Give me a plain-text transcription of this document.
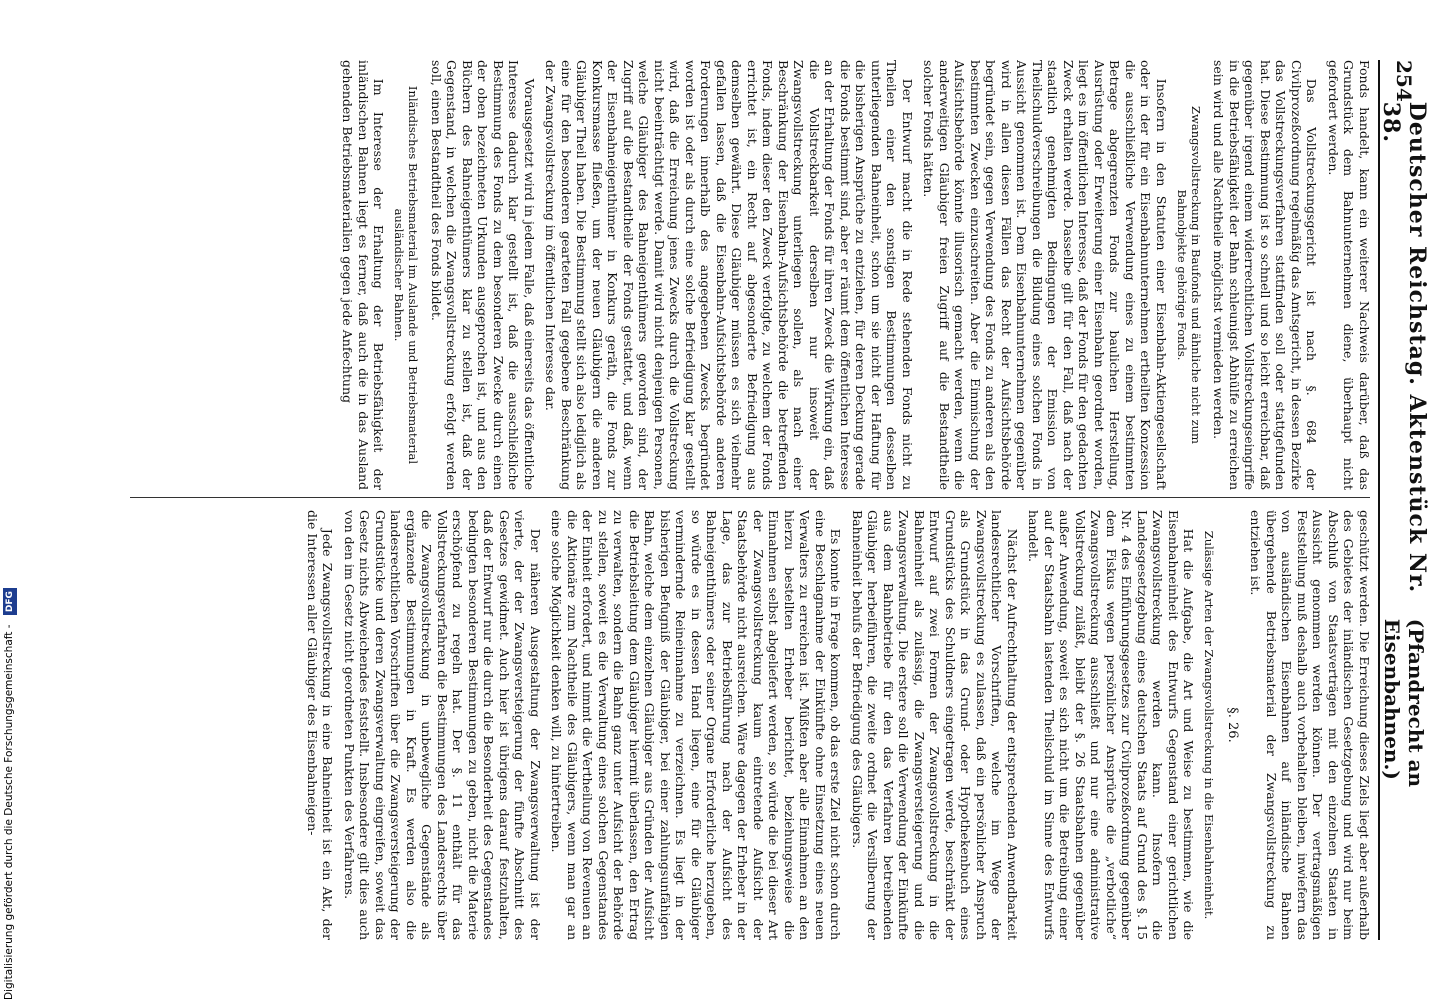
254
Deutscher Reichstag. Aktenstück Nr. 38.
(Pfandrecht an Eisenbahnen.)

Fonds handelt, kann ein weiterer Nachweis darüber, daß das Grundstück dem Bahnunternehmen diene, überhaupt nicht gefordert werden.

Das Vollstreckungsgericht ist nach §. 684 der Civilprozeßordnung regelmäßig das Amtsgericht, in dessen Bezirke das Vollstreckungsverfahren stattfinden soll oder stattgefunden hat. Diese Bestimmung ist so schnell und so leicht erreichbar, daß gegenüber irgend einem widerrechtlichen Vollstreckungseingriffe in die Betriebsfähigkeit der Bahn schleunigst Abhülfe zu erreichen sein wird und alle Nachtheile möglichst vermieden werden.

Zwangsvollstreckung in Baufonds und ähnliche nicht zum Bahnobjekte gehörige Fonds.

Insofern in den Statuten einer Eisenbahn-Aktiengesellschaft oder in der für ein Eisenbahnunternehmen ertheilten Konzession die ausschließliche Verwendung eines zu einem bestimmten Betrage abgegrenzten Fonds zur baulichen Herstellung, Ausrüstung oder Erweiterung einer Eisenbahn geordnet worden, liegt es im öffentlichen Interesse, daß der Fonds für den gedachten Zweck erhalten werde. Dasselbe gilt für den Fall, daß nach der staatlich genehmigten Bedingungen der Emission von Theilschuldverschreibungen die Bildung eines solchen Fonds in Aussicht genommen ist. Dem Eisenbahnunternehmen gegenüber wird in allen diesen Fällen das Recht der Aufsichtsbehörde begründet sein, gegen Verwendung des Fonds zu anderen als den bestimmten Zwecken einzuschreiten. Aber die Einmischung der Aufsichtsbehörde könnte illusorisch gemacht werden, wenn die anderweitigen Gläubiger freien Zugriff auf die Bestandtheile solcher Fonds hätten.

Der Entwurf macht die in Rede stehenden Fonds nicht zu Theilen einer den sonstigen Bestimmungen desselben unterliegenden Bahneinheit, schon um sie nicht der Haftung für die bisherigen Ansprüche zu entziehen, für deren Deckung gerade die Fonds bestimmt sind, aber er räumt dem öffentlichen Interesse an der Erhaltung der Fonds für ihren Zweck die Wirkung ein, daß die Vollstreckbarkeit derselben nur insoweit der Zwangsvollstreckung unterliegen sollen, als nach einer Beschränkung der Eisenbahn-Aufsichtsbehörde die betreffenden Fonds, indem dieser den Zweck verfolgte, zu welchem der Fonds errichtet ist, ein Recht auf abgesonderte Befriedigung aus demselben gewährt. Diese Gläubiger müssen es sich vielmehr gefallen lassen, daß die Eisenbahn-Aufsichtsbehörde anderen Forderungen innerhalb des angegebenen Zwecks begründet worden ist oder als durch eine solche Befriedigung klar gestellt wird, daß die Erreichung jenes Zwecks durch die Vollstreckung nicht beeinträchtigt werde. Damit wird nicht denjenigen Personen, welche Gläubiger des Bahneigenthümers geworden sind, der Zugriff auf die Bestandtheile der Fonds gestattet, und daß, wenn der Eisenbahneigenthümer in Konkurs geräth, die Fonds zur Konkursmasse fließen, um der neuen Gläubigern die anderen Gläubiger Theil haben. Die Bestimmung stellt sich also lediglich als eine für den besonderen gearteten Fall gegebene Beschränkung der Zwangsvollstreckung im öffentlichen Interesse dar.

Vorausgesetzt wird in jedem Falle, daß einerseits das öffentliche Interesse dadurch klar gestellt ist, daß die ausschließliche Bestimmung des Fonds zu dem besonderen Zwecke durch einen der oben bezeichneten Urkunden ausgeprochen ist, und aus den Büchern des Bahneigenthümers klar zu stellen ist, daß der Gegenstand, in welchen die Zwangsvollstreckung erfolgt werden soll, einen Bestandtheil des Fonds bildet.

Inländisches Betriebsmaterial im Auslande und Betriebsmaterial ausländischer Bahnen.

Im Interesse der Erhaltung der Betriebsfähigkeit der inländischen Bahnen liegt es ferner, daß auch die in das Ausland gehenden Betriebsmaterialien gegen jede Anfechtung

geschützt werden. Die Erreichung dieses Ziels liegt aber außerhalb des Gebietes der inländischen Gesetzgebung und wird nur beim Abschluß von Staatsverträgen mit den einzelnen Staaten in Aussicht genommen werden können. Der vertragsmäßigen Feststellung muß deshalb auch vorbehalten bleiben, inwiefern das von ausländischen Eisenbahnen auf inländische Bahnen übergehende Betriebsmaterial der Zwangsvollstreckung zu entziehen ist.

§. 26.

Zulässige Arten der Zwangsvollstreckung in die Eisenbahneinheit.

Hat die Aufgabe, die Art und Weise zu bestimmen, wie die Eisenbahneinheit des Entwurfs Gegenstand einer gerichtlichen Zwangsvollstreckung werden kann. Insofern die Landesgesetzgebung eines deutschen Staats auf Grund des §. 15 Nr. 4 des Einführungsgesetzes zur Civilprozeßordnung gegenüber dem Fiskus wegen persönlicher Ansprüche die „verbotliche“ Zwangsvollstreckung ausschließt und nur eine administrative Vollstreckung zuläßt, bleibt der §. 26 Staatsbahnen gegenüber außer Anwendung, soweit es sich nicht um die Betreibung einer auf der Staatsbahn lastenden Theilschuld im Sinne des Entwurfs handelt.

Nächst der Aufrechthaltung der entsprechenden Anwendbarkeit landesrechtlicher Vorschriften, welche im Wege der Zwangsvollstreckung es zulassen, daß ein persönlicher Anspruch als Grundstück in das Grund- oder Hypothekenbuch eines Grundstücks des Schuldners eingetragen werde, beschränkt der Entwurf auf zwei Formen der Zwangsvollstreckung in die Bahneinheit als zulässig, die Zwangsversteigerung und die Zwangsverwaltung. Die erstere soll die Verwendung der Einkünfte aus dem Bahnbetriebe für den das Verfahren betreibenden Gläubiger herbeiführen, die zweite ordnet die Versilberung der Bahneinheit behufs der Befriedigung des Gläubigers.

Es konnte in Frage kommen, ob das erste Ziel nicht schon durch eine Beschlagnahme der Einkünfte ohne Einsetzung eines neuen Verwalters zu erreichen ist. Müßten aber alle Einnahmen an den hierzu bestellten Erheber berichtet, beziehungsweise die Einnahmen selbst abgeliefert werden, so würde die bei dieser Art der Zwangsvollstreckung kaum eintretende Aufsicht der Staatsbehörde nicht ausreichen. Wäre dagegen der Erheber in der Lage, das zur Betriebsführung nach der Aufsicht des Bahneigenthümers oder seiner Organe Erforderliche herzugeben, so würde es in dessen Hand liegen, eine für die Gläubiger vermindernde Reineinnahme zu verzeichnen. Es liegt in der bisherigen Befugniß der Gläubiger, bei einer zahlungsunfähigen Bahn, welche dem einzelnen Gläubiger aus Gründen der Aufsicht die Betriebsleitung dem Gläubiger hiermit überlassen, den Ertrag zu verwalten, sondern die Bahn ganz unter Aufsicht der Behörde zu stellen, soweit es die Verwaltung eines solchen Gegenstandes der Einheit erfordert, und nimmt die Vertheilung von Revenuen an die Aktionäre zum Nachtheile des Gläubigers, wenn man gar an eine solche Möglichkeit denken will, zu hintertreiben.

Der näheren Ausgestaltung der Zwangsverwaltung ist der vierte, der der Zwangsversteigerung der fünfte Abschnitt des Gesetzes gewidmet. Auch hier ist übrigens darauf festzuhalten, daß der Entwurf nur die durch die Besonderheit des Gegenstandes bedingten besonderen Bestimmungen zu geben, nicht die Materie erschöpfend zu regeln hat. Der §. 11 enthält für das Vollstreckungsverfahren die Bestimmungen des Landesrechts über die Zwangsvollstreckung in unbewegliche Gegenstände als ergänzende Bestimmungen in Kraft. Es werden also die landesrechtlichen Vorschriften über die Zwangsversteigerung der Grundstücke und deren Zwangsverwaltung eingreifen, soweit das Gesetz nichts Abweichendes feststellt. Insbesondere gilt dies auch von den im Gesetz nicht geordneten Punkten des Verfahrens.

Jede Zwangsvollstreckung in eine Bahneinheit ist ein Akt, der die Interessen aller Gläubiger des Eisenbahneigen-

Digitalisierung gefördert durch die Deutsche Forschungsgemeinschaft - DFG
